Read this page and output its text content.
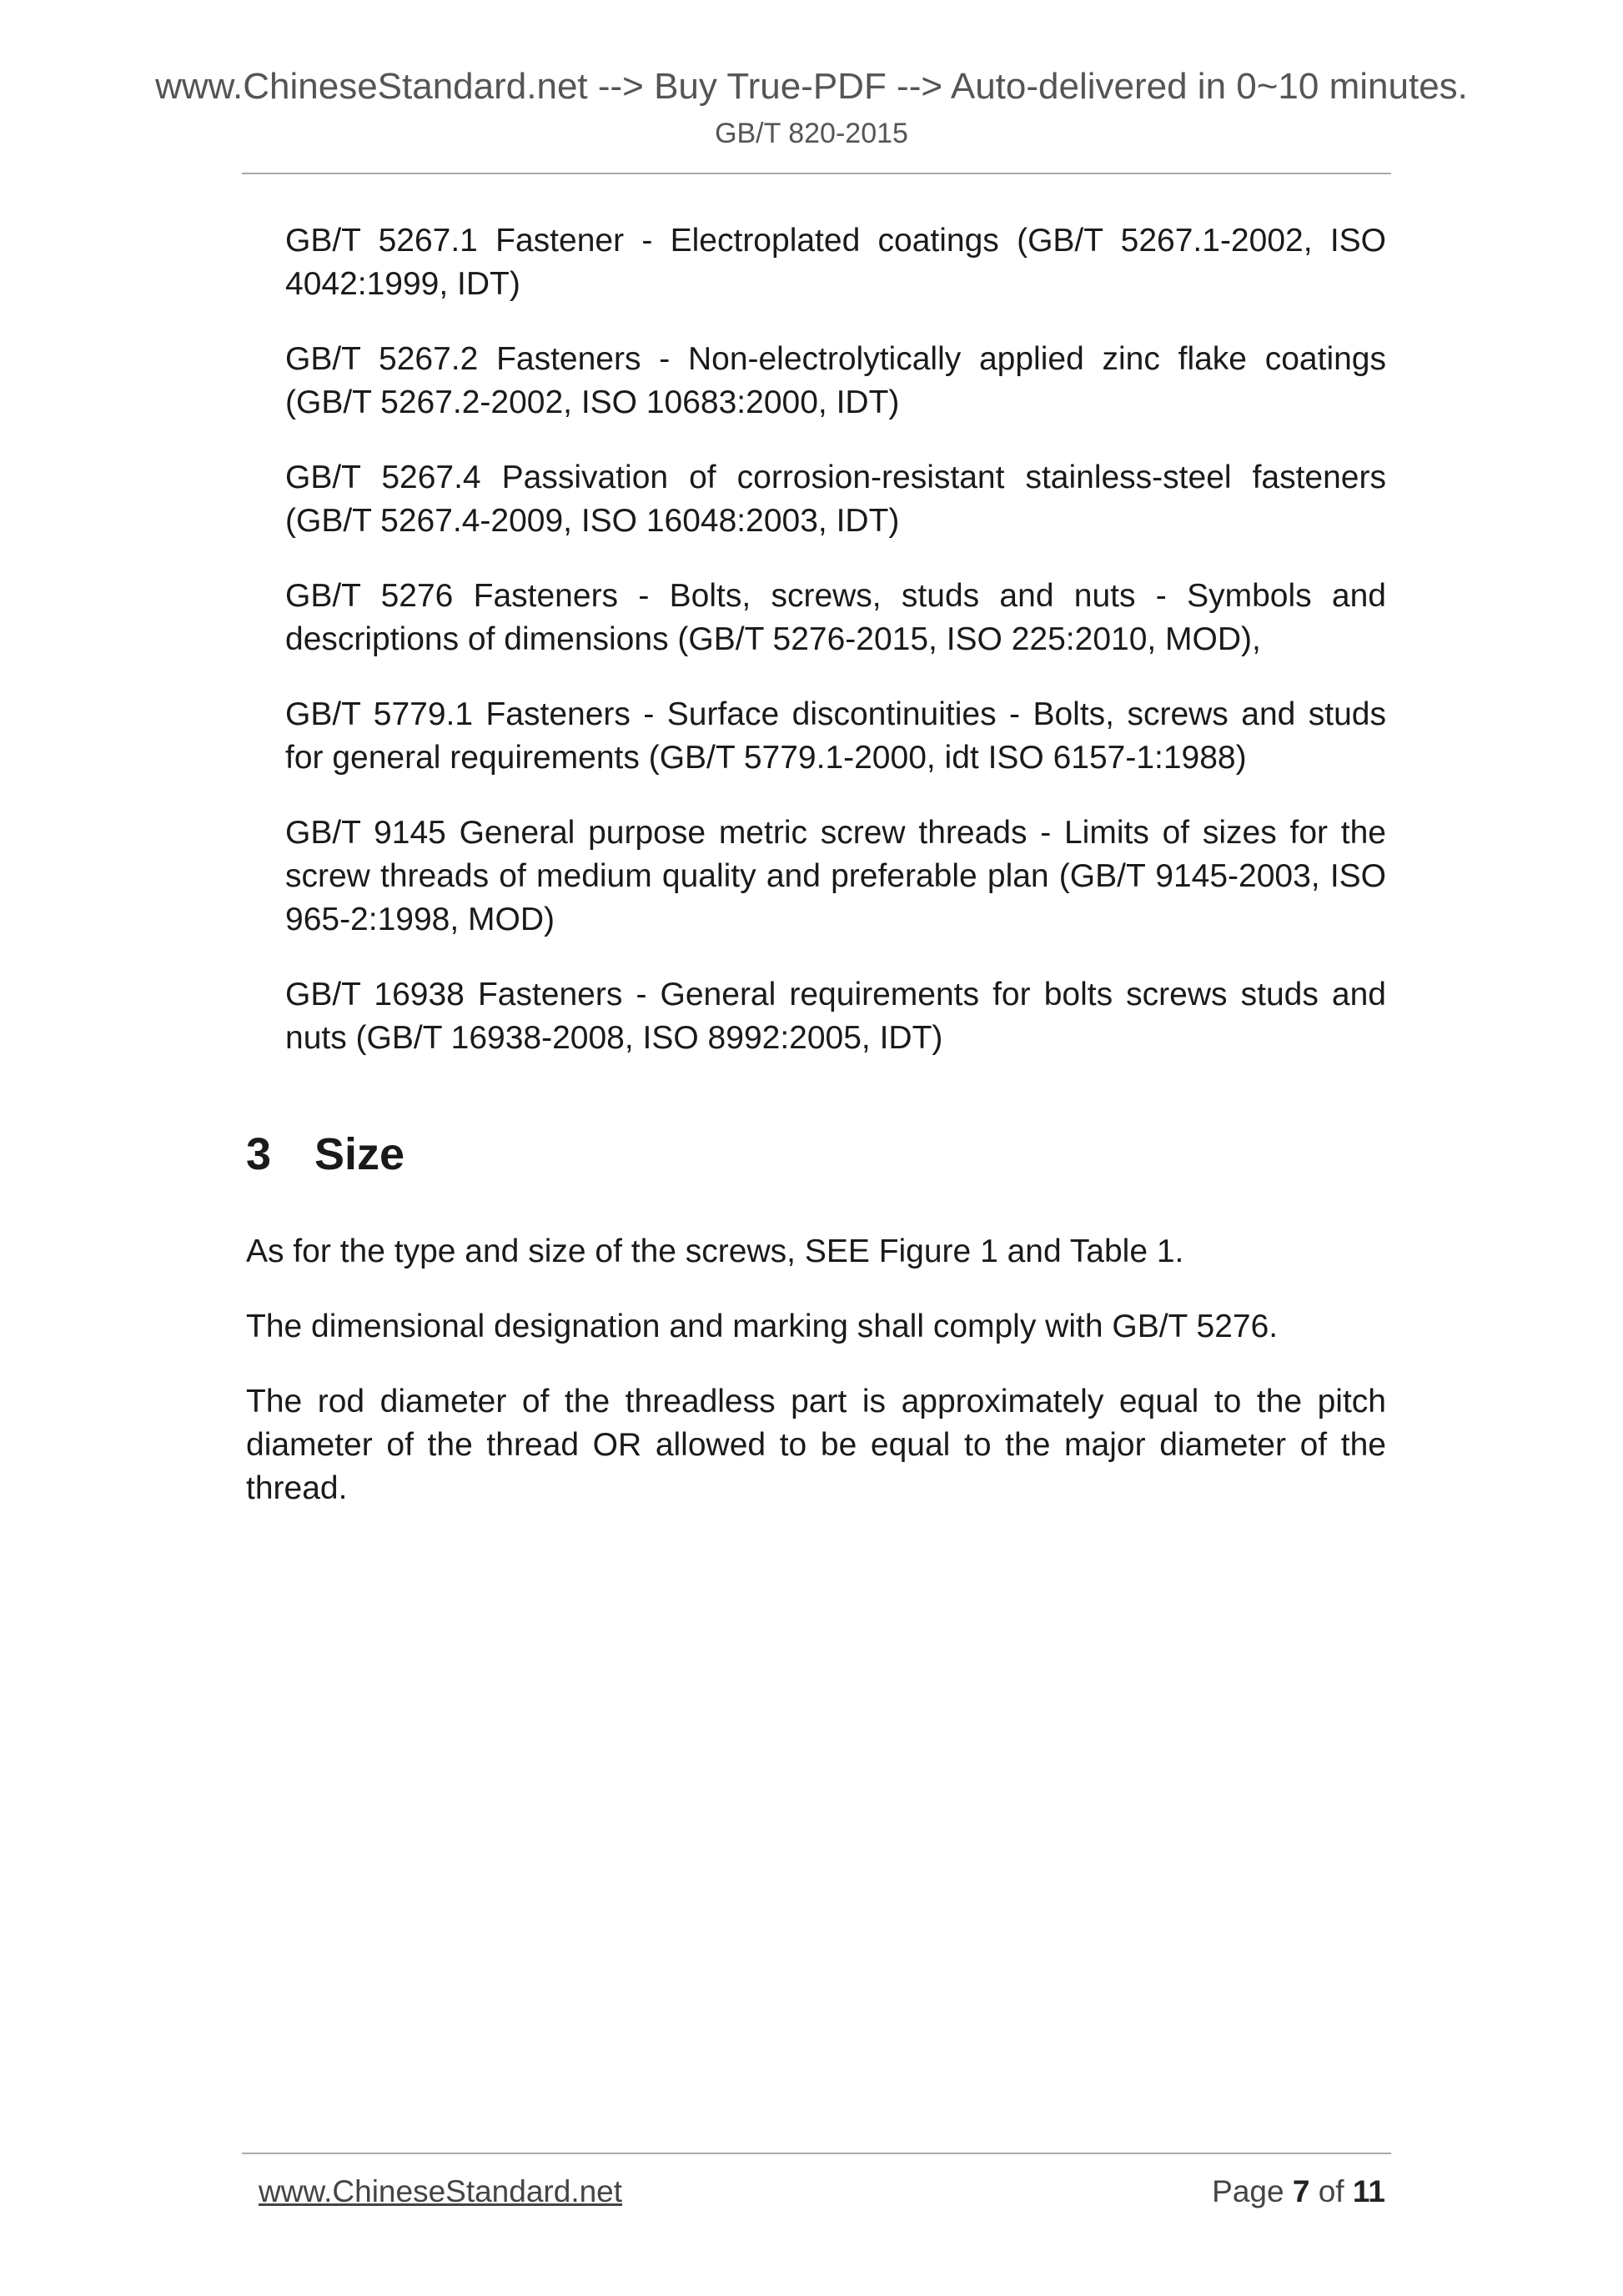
www.ChineseStandard.net --> Buy True-PDF --> Auto-delivered in 0~10 minutes.
GB/T 820-2015
GB/T 5267.1 Fastener - Electroplated coatings (GB/T 5267.1-2002, ISO 4042:1999, IDT)
GB/T 5267.2 Fasteners - Non-electrolytically applied zinc flake coatings (GB/T 5267.2-2002, ISO 10683:2000, IDT)
GB/T 5267.4 Passivation of corrosion-resistant stainless-steel fasteners (GB/T 5267.4-2009, ISO 16048:2003, IDT)
GB/T 5276 Fasteners - Bolts, screws, studs and nuts - Symbols and descriptions of dimensions (GB/T 5276-2015, ISO 225:2010, MOD),
GB/T 5779.1 Fasteners - Surface discontinuities - Bolts, screws and studs for general requirements (GB/T 5779.1-2000, idt ISO 6157-1:1988)
GB/T 9145 General purpose metric screw threads - Limits of sizes for the screw threads of medium quality and preferable plan (GB/T 9145-2003, ISO 965-2:1998, MOD)
GB/T 16938 Fasteners - General requirements for bolts screws studs and nuts (GB/T 16938-2008, ISO 8992:2005, IDT)
3 Size

As for the type and size of the screws, SEE Figure 1 and Table 1.

The dimensional designation and marking shall comply with GB/T 5276.

The rod diameter of the threadless part is approximately equal to the pitch diameter of the thread OR allowed to be equal to the major diameter of the thread.

www.ChineseStandard.net	Page 7 of 11
